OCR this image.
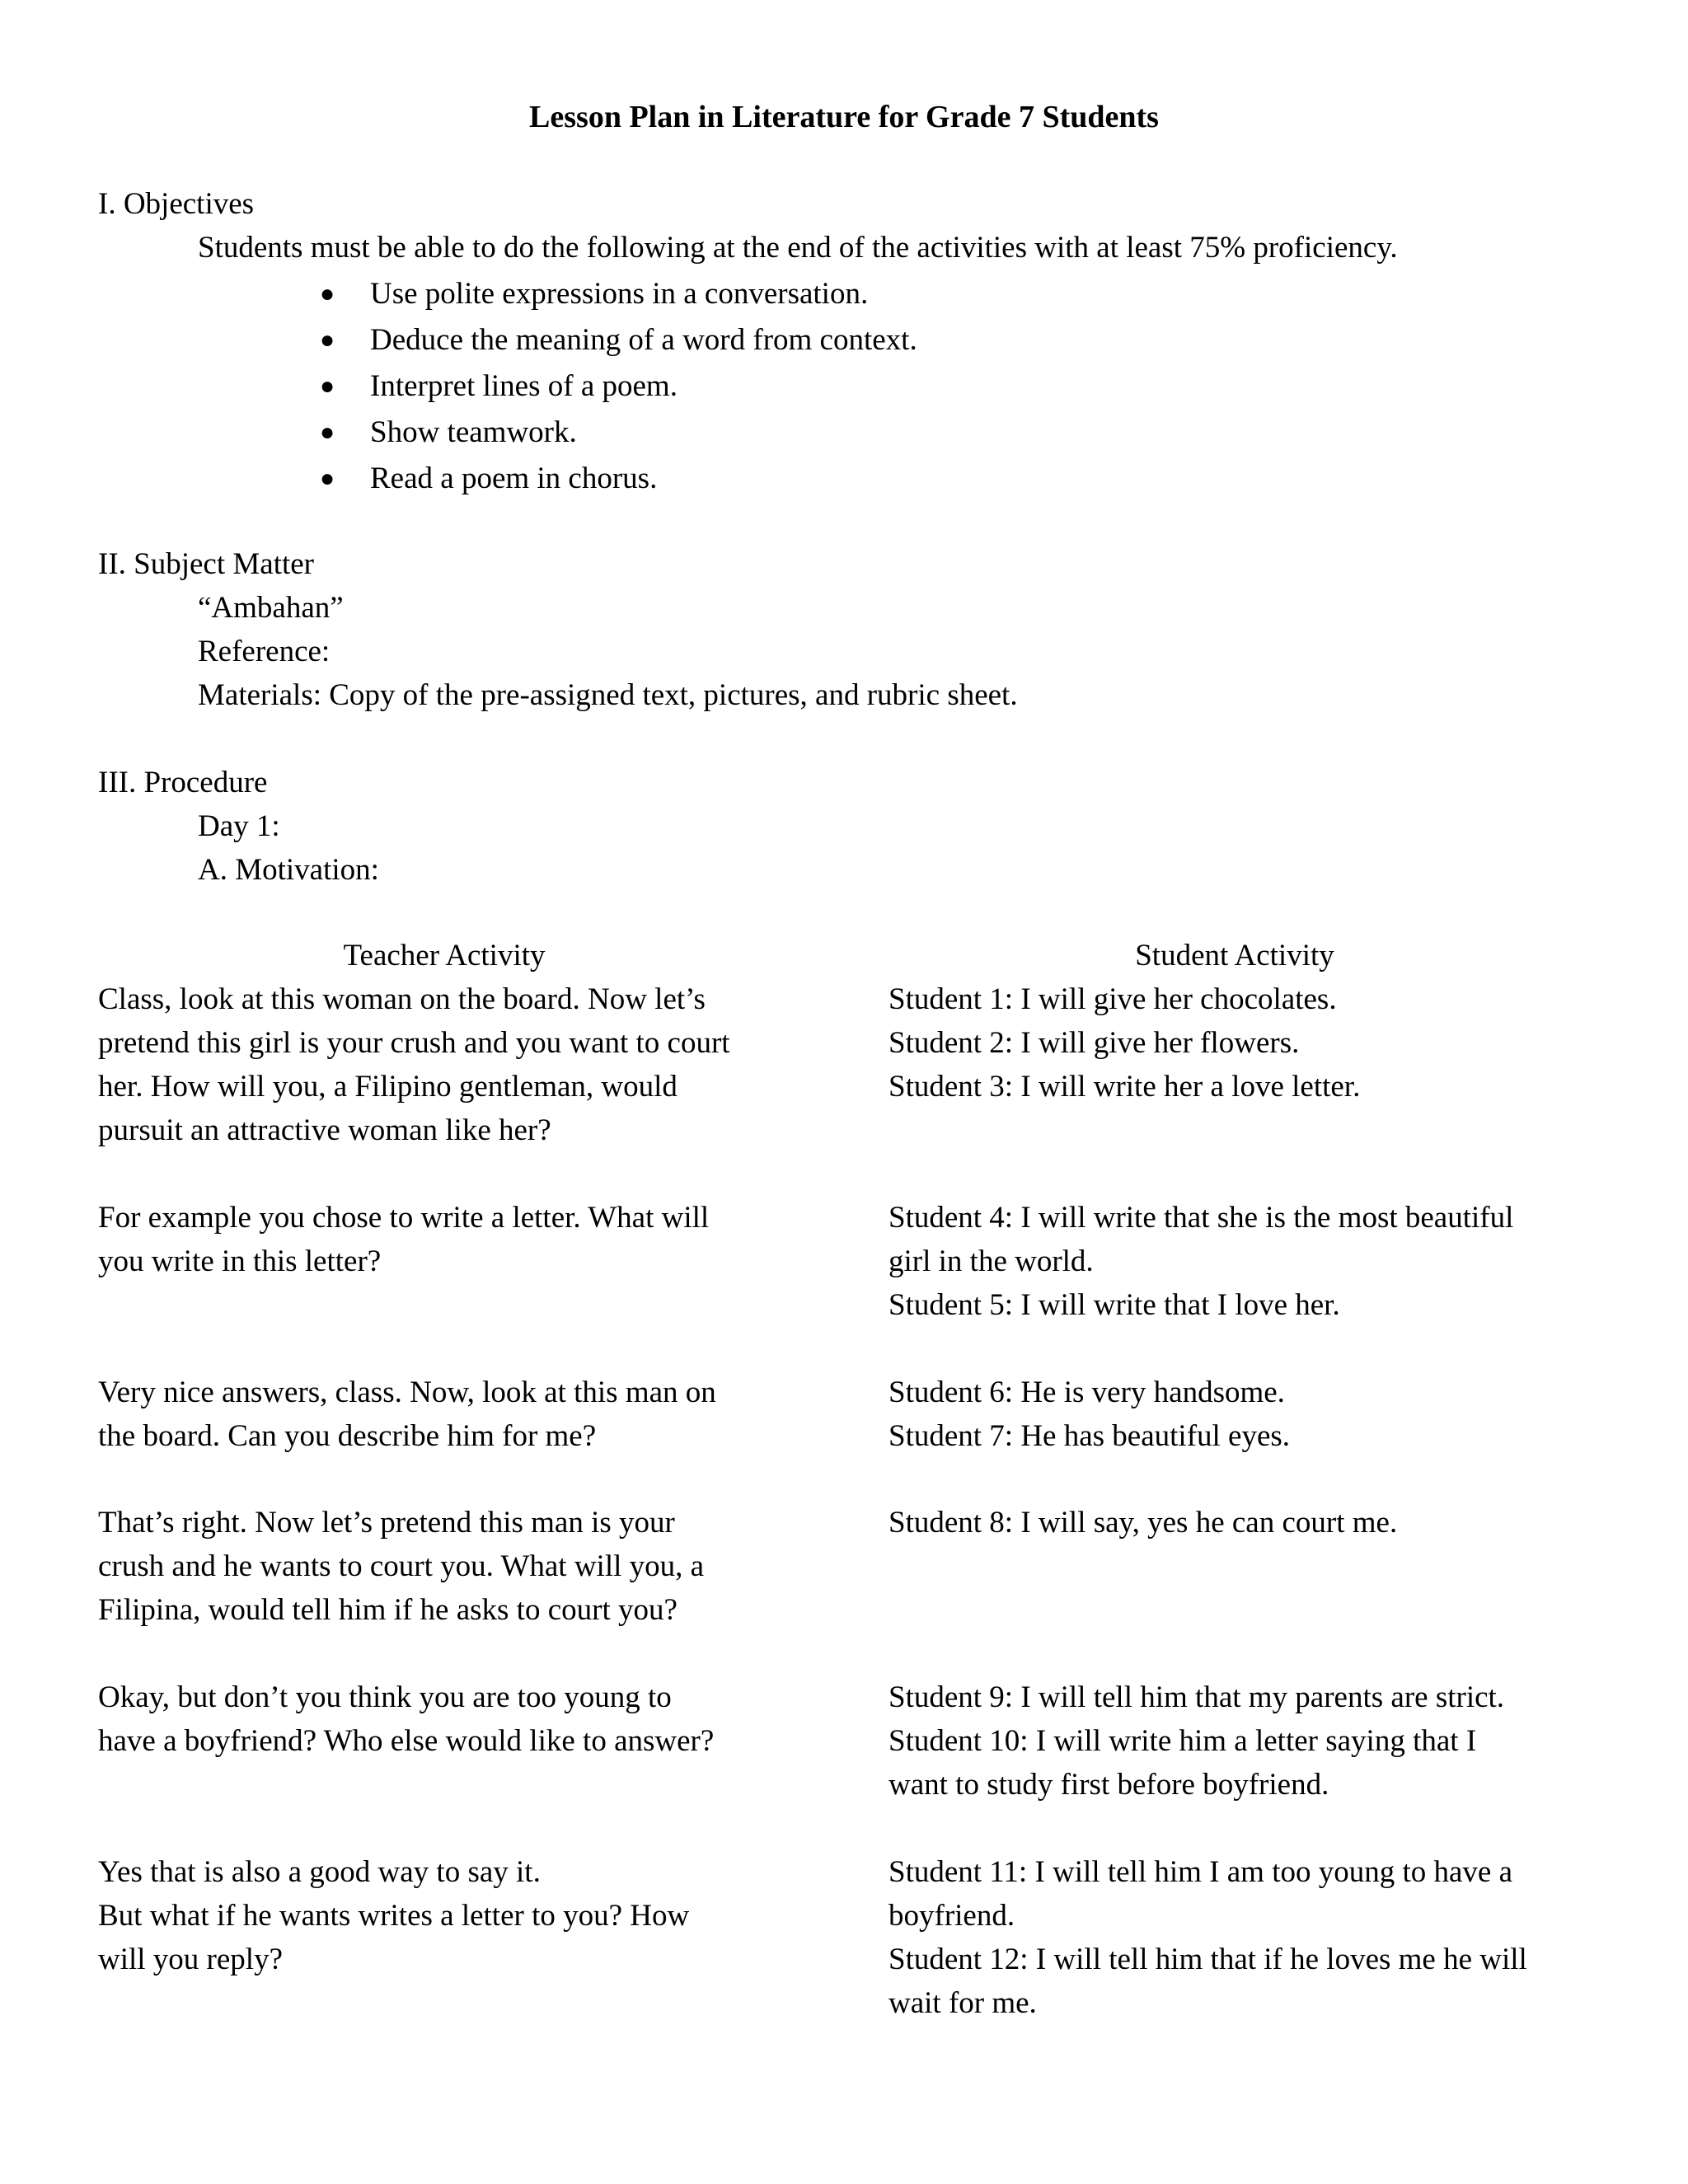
Lesson Plan in Literature for Grade 7 Students

I. Objectives

Students must be able to do the following at the end of the activities with at least 75% proficiency.

● Use polite expressions in a conversation.
● Deduce the meaning of a word from context.
● Interpret lines of a poem.
● Show teamwork.
● Read a poem in chorus.

II. Subject Matter

“Ambahan”

Reference:

Materials: Copy of the pre-assigned text, pictures, and rubric sheet.

III. Procedure

Day 1:

A. Motivation:

Teacher Activity	Student Activity
Class, look at this woman on the board. Now let’s
pretend this girl is your crush and you want to court
her. How will you, a Filipino gentleman, would
pursuit an attractive woman like her?
Student 1: I will give her chocolates.
Student 2: I will give her flowers.
Student 3: I will write her a love letter.
For example you chose to write a letter. What will
you write in this letter?
Student 4: I will write that she is the most beautiful
girl in the world.
Student 5: I will write that I love her.
Very nice answers, class. Now, look at this man on
the board. Can you describe him for me?
Student 6: He is very handsome.
Student 7: He has beautiful eyes.
That’s right. Now let’s pretend this man is your
crush and he wants to court you. What will you, a
Filipina, would tell him if he asks to court you?
Student 8: I will say, yes he can court me.
Okay, but don’t you think you are too young to
have a boyfriend? Who else would like to answer?
Student 9: I will tell him that my parents are strict.
Student 10: I will write him a letter saying that I
want to study first before boyfriend.
Yes that is also a good way to say it.
But what if he wants writes a letter to you? How
will you reply?
Student 11: I will tell him I am too young to have a
boyfriend.
Student 12: I will tell him that if he loves me he will
wait for me.
